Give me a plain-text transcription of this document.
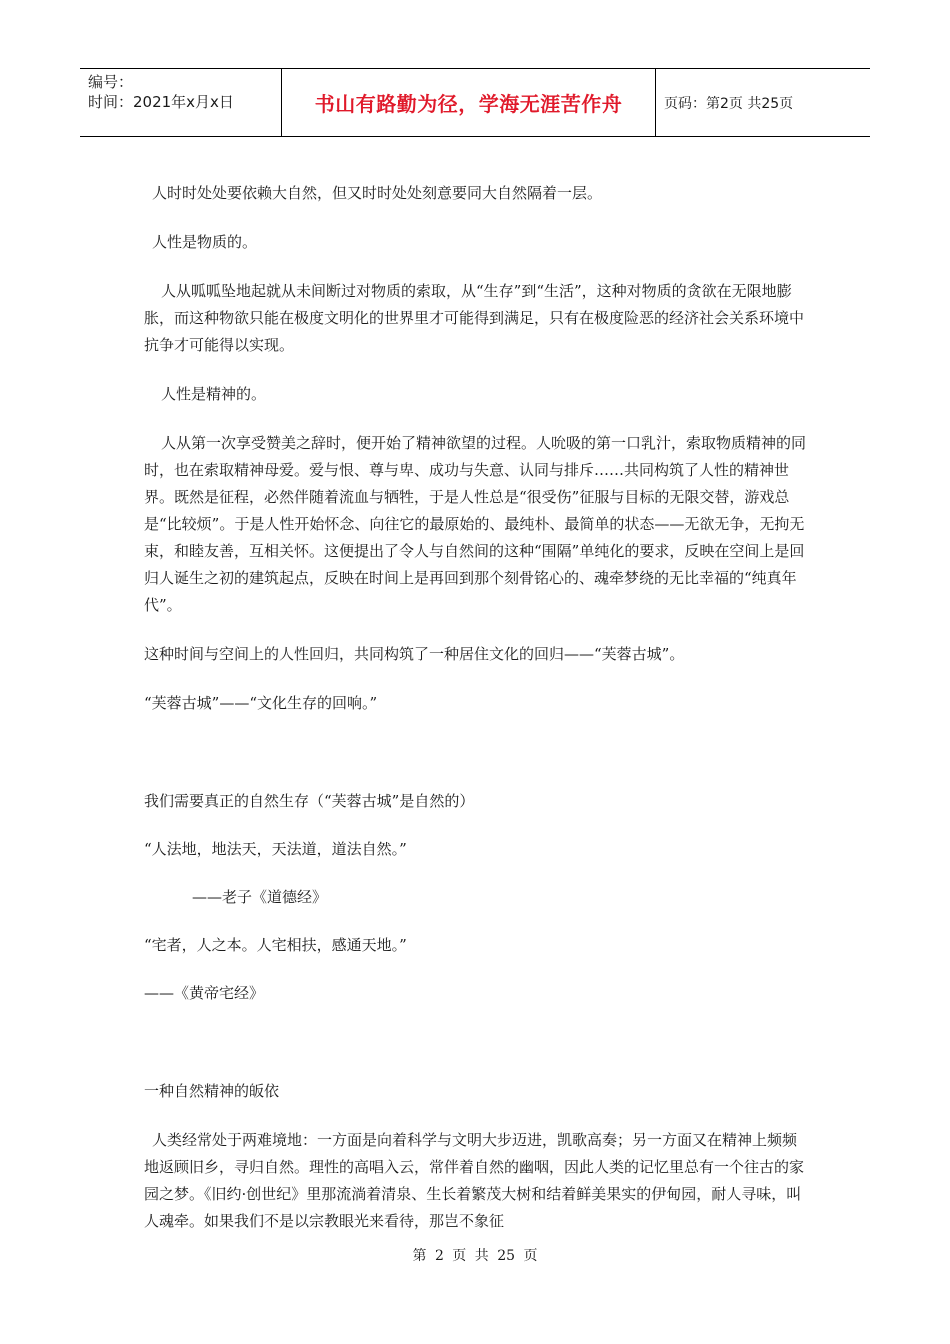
编号：
时间：2021年x月x日	书山有路勤为径，学海无涯苦作舟	页码：第2页 共25页

人时时处处要依赖大自然，但又时时处处刻意要同大自然隔着一层。

人性是物质的。

人从呱呱坠地起就从未间断过对物质的索取，从“生存”到“生活”，这种对物质的贪欲在无限地膨胀，而这种物欲只能在极度文明化的世界里才可能得到满足，只有在极度险恶的经济社会关系环境中抗争才可能得以实现。

人性是精神的。

人从第一次享受赞美之辞时，便开始了精神欲望的过程。人吮吸的第一口乳汁，索取物质精神的同时，也在索取精神母爱。爱与恨、尊与卑、成功与失意、认同与排斥……共同构筑了人性的精神世界。既然是征程，必然伴随着流血与牺牲，于是人性总是“很受伤”征服与目标的无限交替，游戏总是“比较烦”。于是人性开始怀念、向往它的最原始的、最纯朴、最简单的状态——无欲无争，无拘无束，和睦友善，互相关怀。这便提出了令人与自然间的这种“围隔”单纯化的要求，反映在空间上是回归人诞生之初的建筑起点，反映在时间上是再回到那个刻骨铭心的、魂牵梦绕的无比幸福的“纯真年代”。

这种时间与空间上的人性回归，共同构筑了一种居住文化的回归——“芙蓉古城”。

“芙蓉古城”——“文化生存的回响。”

我们需要真正的自然生存（“芙蓉古城”是自然的）

“人法地，地法天，天法道，道法自然。”

——老子《道德经》

“宅者，人之本。人宅相扶，感通天地。”

——《黄帝宅经》

一种自然精神的皈依

人类经常处于两难境地：一方面是向着科学与文明大步迈进，凯歌高奏；另一方面又在精神上频频地返顾旧乡，寻归自然。理性的高唱入云，常伴着自然的幽咽，因此人类的记忆里总有一个往古的家园之梦。《旧约·创世纪》里那流淌着清泉、生长着繁茂大树和结着鲜美果实的伊甸园，耐人寻味，叫人魂牵。如果我们不是以宗教眼光来看待，那岂不象征

第 2 页 共 25 页
